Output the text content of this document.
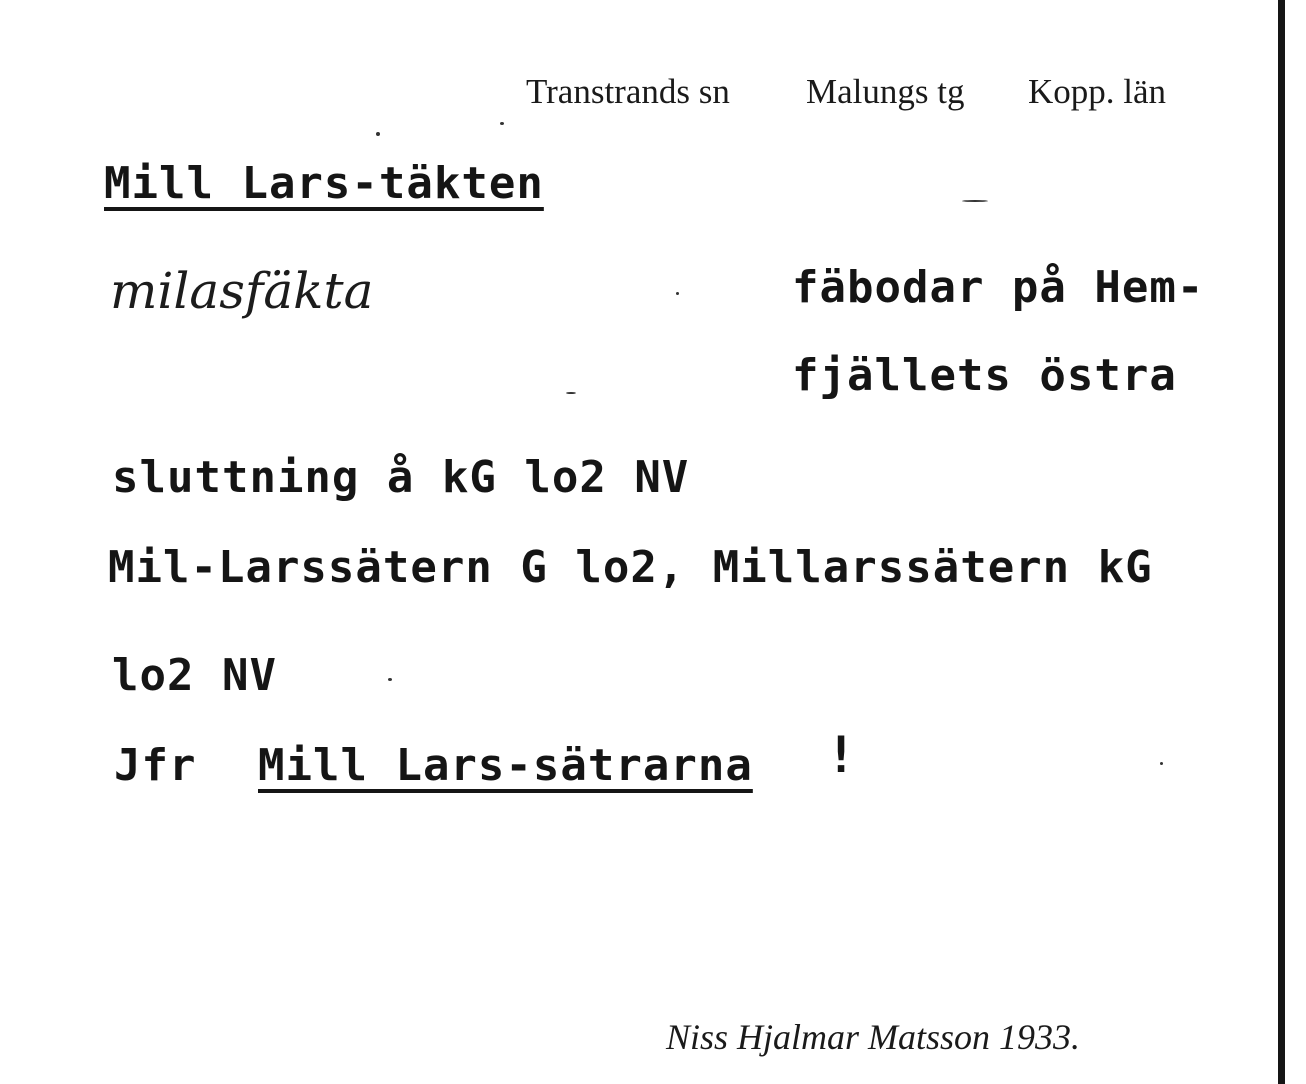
Transtrands sn Malungs tg Kopp. län
Mill Lars-täkten
milasfäkta	fäbodar på Hem-
fjällets östra
sluttning å kG lo2 NV
Mil-Larssätern G lo2, Millarssätern kG
lo2 NV
Jfr Mill Lars-sätrarna !
Niss Hjalmar Matsson 1933.
